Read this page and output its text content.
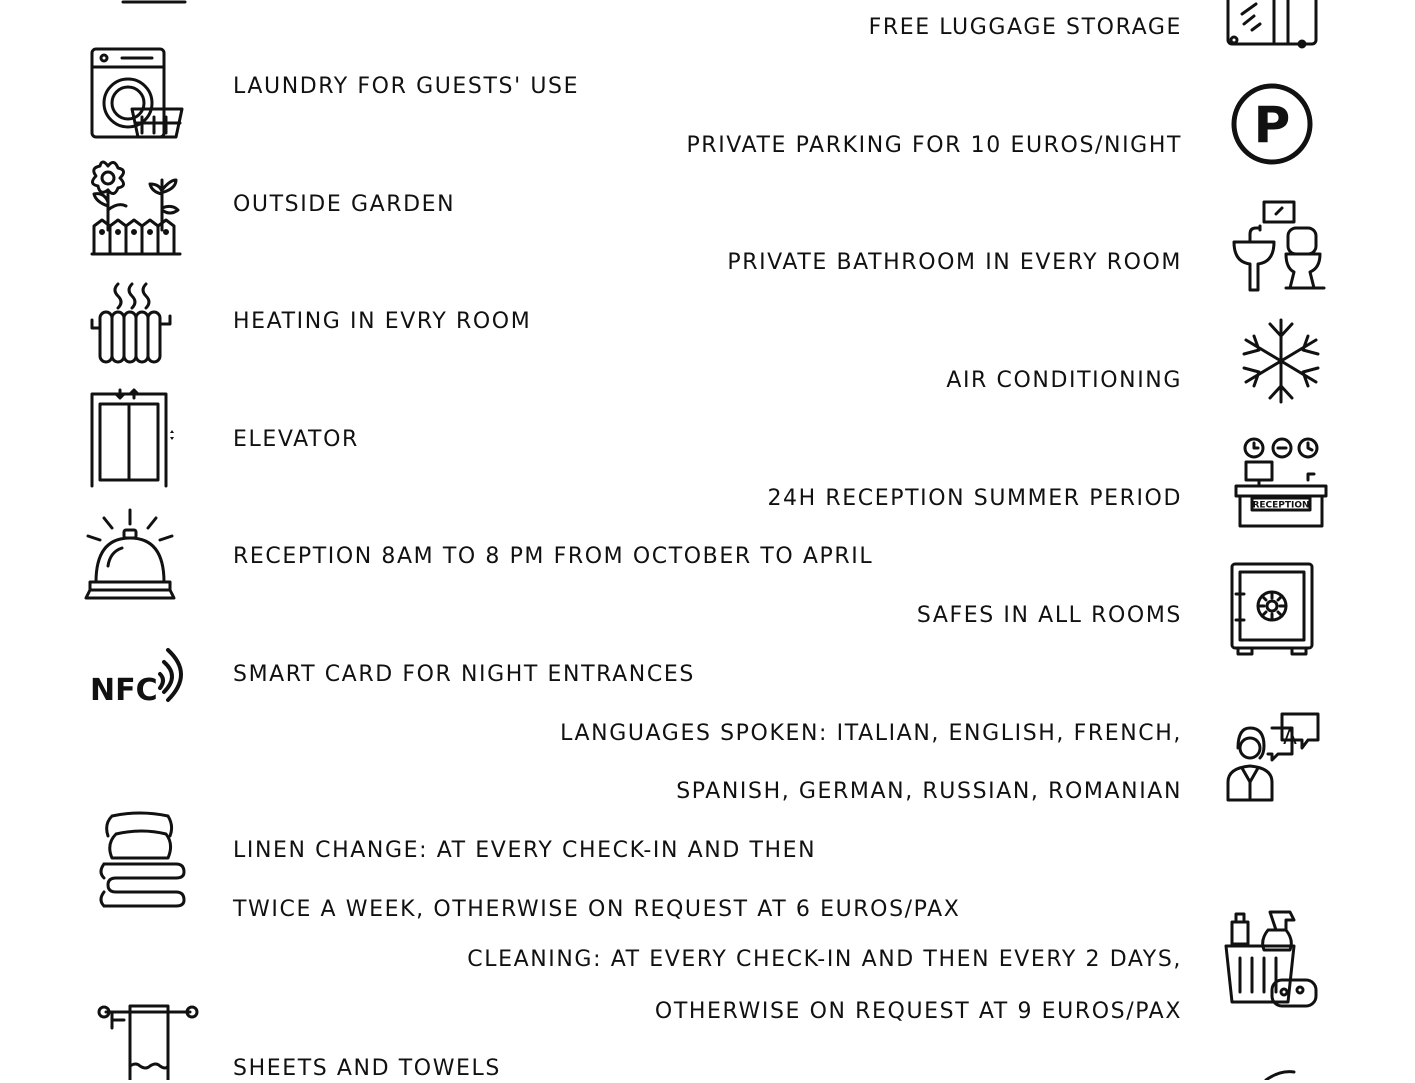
FREE LUGGAGE STORAGE
LAUNDRY FOR GUESTS' USE
PRIVATE PARKING FOR 10 EUROS/NIGHT
OUTSIDE GARDEN
PRIVATE BATHROOM IN EVERY ROOM
HEATING IN EVRY ROOM
AIR CONDITIONING
ELEVATOR
24H RECEPTION SUMMER PERIOD
RECEPTION 8AM TO 8 PM FROM OCTOBER TO APRIL
SAFES IN ALL ROOMS
SMART CARD FOR NIGHT ENTRANCES
LANGUAGES SPOKEN: ITALIAN, ENGLISH, FRENCH,
SPANISH, GERMAN, RUSSIAN, ROMANIAN
LINEN CHANGE: AT EVERY CHECK-IN AND THEN
TWICE A WEEK, OTHERWISE ON REQUEST AT 6 EUROS/PAX
CLEANING: AT EVERY CHECK-IN AND THEN EVERY 2 DAYS,
OTHERWISE ON REQUEST AT 9 EUROS/PAX
SHEETS AND TOWELS
P
RECEPTION
NFC
A
